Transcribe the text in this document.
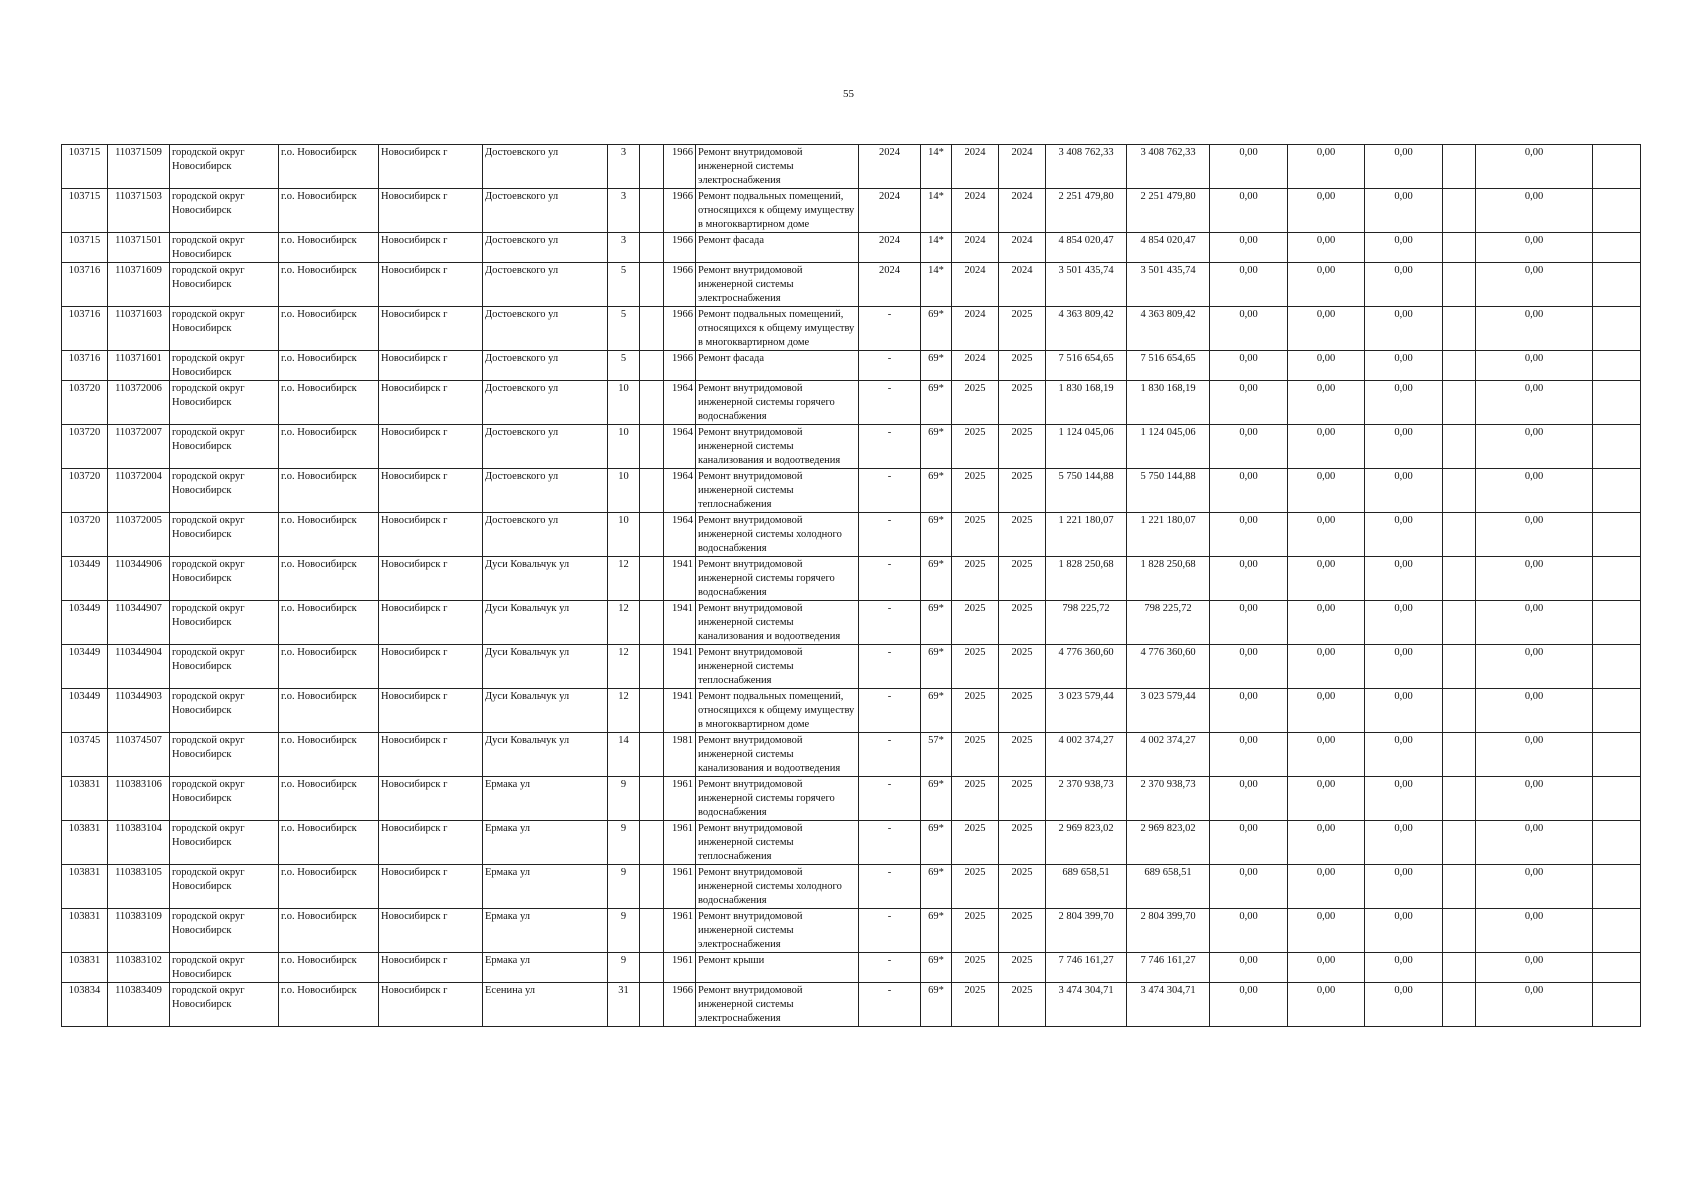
55
103715	110371509	городской округ Новосибирск	г.о. Новосибирск	Новосибирск г	Достоевского ул	3		1966	Ремонт внутридомовой инженерной системы электроснабжения	2024	14*	2024	2024	3 408 762,33	3 408 762,33	0,00	0,00	0,00		0,00	
103715	110371503	городской округ Новосибирск	г.о. Новосибирск	Новосибирск г	Достоевского ул	3		1966	Ремонт подвальных помещений, относящихся к общему имуществу в многоквартирном доме	2024	14*	2024	2024	2 251 479,80	2 251 479,80	0,00	0,00	0,00		0,00	
103715	110371501	городской округ Новосибирск	г.о. Новосибирск	Новосибирск г	Достоевского ул	3		1966	Ремонт фасада	2024	14*	2024	2024	4 854 020,47	4 854 020,47	0,00	0,00	0,00		0,00	
103716	110371609	городской округ Новосибирск	г.о. Новосибирск	Новосибирск г	Достоевского ул	5		1966	Ремонт внутридомовой инженерной системы электроснабжения	2024	14*	2024	2024	3 501 435,74	3 501 435,74	0,00	0,00	0,00		0,00	
103716	110371603	городской округ Новосибирск	г.о. Новосибирск	Новосибирск г	Достоевского ул	5		1966	Ремонт подвальных помещений, относящихся к общему имуществу в многоквартирном доме	-	69*	2024	2025	4 363 809,42	4 363 809,42	0,00	0,00	0,00		0,00	
103716	110371601	городской округ Новосибирск	г.о. Новосибирск	Новосибирск г	Достоевского ул	5		1966	Ремонт фасада	-	69*	2024	2025	7 516 654,65	7 516 654,65	0,00	0,00	0,00		0,00	
103720	110372006	городской округ Новосибирск	г.о. Новосибирск	Новосибирск г	Достоевского ул	10		1964	Ремонт внутридомовой инженерной системы горячего водоснабжения	-	69*	2025	2025	1 830 168,19	1 830 168,19	0,00	0,00	0,00		0,00	
103720	110372007	городской округ Новосибирск	г.о. Новосибирск	Новосибирск г	Достоевского ул	10		1964	Ремонт внутридомовой инженерной системы канализования и водоотведения	-	69*	2025	2025	1 124 045,06	1 124 045,06	0,00	0,00	0,00		0,00	
103720	110372004	городской округ Новосибирск	г.о. Новосибирск	Новосибирск г	Достоевского ул	10		1964	Ремонт внутридомовой инженерной системы теплоснабжения	-	69*	2025	2025	5 750 144,88	5 750 144,88	0,00	0,00	0,00		0,00	
103720	110372005	городской округ Новосибирск	г.о. Новосибирск	Новосибирск г	Достоевского ул	10		1964	Ремонт внутридомовой инженерной системы холодного водоснабжения	-	69*	2025	2025	1 221 180,07	1 221 180,07	0,00	0,00	0,00		0,00	
103449	110344906	городской округ Новосибирск	г.о. Новосибирск	Новосибирск г	Дуси Ковальчук ул	12		1941	Ремонт внутридомовой инженерной системы горячего водоснабжения	-	69*	2025	2025	1 828 250,68	1 828 250,68	0,00	0,00	0,00		0,00	
103449	110344907	городской округ Новосибирск	г.о. Новосибирск	Новосибирск г	Дуси Ковальчук ул	12		1941	Ремонт внутридомовой инженерной системы канализования и водоотведения	-	69*	2025	2025	798 225,72	798 225,72	0,00	0,00	0,00		0,00	
103449	110344904	городской округ Новосибирск	г.о. Новосибирск	Новосибирск г	Дуси Ковальчук ул	12		1941	Ремонт внутридомовой инженерной системы теплоснабжения	-	69*	2025	2025	4 776 360,60	4 776 360,60	0,00	0,00	0,00		0,00	
103449	110344903	городской округ Новосибирск	г.о. Новосибирск	Новосибирск г	Дуси Ковальчук ул	12		1941	Ремонт подвальных помещений, относящихся к общему имуществу в многоквартирном доме	-	69*	2025	2025	3 023 579,44	3 023 579,44	0,00	0,00	0,00		0,00	
103745	110374507	городской округ Новосибирск	г.о. Новосибирск	Новосибирск г	Дуси Ковальчук ул	14		1981	Ремонт внутридомовой инженерной системы канализования и водоотведения	-	57*	2025	2025	4 002 374,27	4 002 374,27	0,00	0,00	0,00		0,00	
103831	110383106	городской округ Новосибирск	г.о. Новосибирск	Новосибирск г	Ермака ул	9		1961	Ремонт внутридомовой инженерной системы горячего водоснабжения	-	69*	2025	2025	2 370 938,73	2 370 938,73	0,00	0,00	0,00		0,00	
103831	110383104	городской округ Новосибирск	г.о. Новосибирск	Новосибирск г	Ермака ул	9		1961	Ремонт внутридомовой инженерной системы теплоснабжения	-	69*	2025	2025	2 969 823,02	2 969 823,02	0,00	0,00	0,00		0,00	
103831	110383105	городской округ Новосибирск	г.о. Новосибирск	Новосибирск г	Ермака ул	9		1961	Ремонт внутридомовой инженерной системы холодного водоснабжения	-	69*	2025	2025	689 658,51	689 658,51	0,00	0,00	0,00		0,00	
103831	110383109	городской округ Новосибирск	г.о. Новосибирск	Новосибирск г	Ермака ул	9		1961	Ремонт внутридомовой инженерной системы электроснабжения	-	69*	2025	2025	2 804 399,70	2 804 399,70	0,00	0,00	0,00		0,00	
103831	110383102	городской округ Новосибирск	г.о. Новосибирск	Новосибирск г	Ермака ул	9		1961	Ремонт крыши	-	69*	2025	2025	7 746 161,27	7 746 161,27	0,00	0,00	0,00		0,00	
103834	110383409	городской округ Новосибирск	г.о. Новосибирск	Новосибирск г	Есенина ул	31		1966	Ремонт внутридомовой инженерной системы электроснабжения	-	69*	2025	2025	3 474 304,71	3 474 304,71	0,00	0,00	0,00		0,00	
